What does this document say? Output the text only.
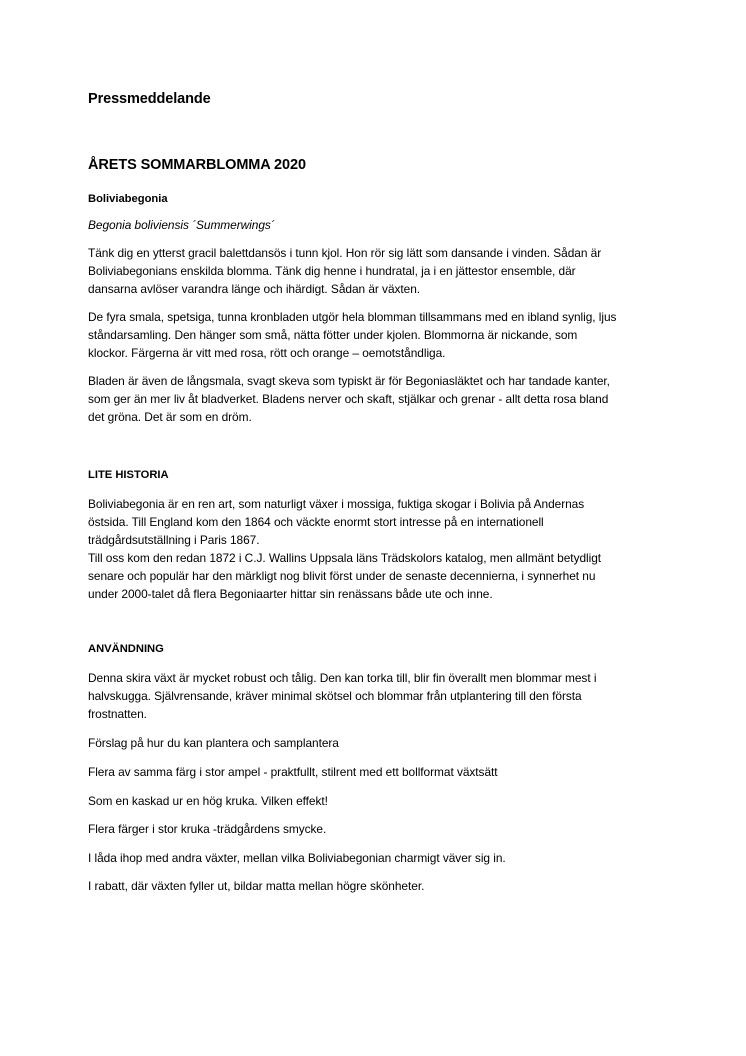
Pressmeddelande

ÅRETS SOMMARBLOMMA 2020

Boliviabegonia

Begonia boliviensis ´Summerwings´

Tänk dig en ytterst gracil balettdansös i tunn kjol. Hon rör sig lätt som dansande i vinden. Sådan är
Boliviabegonians enskilda blomma. Tänk dig henne i hundratal, ja i en jättestor ensemble, där
dansarna avlöser varandra länge och ihärdigt. Sådan är växten.

De fyra smala, spetsiga, tunna kronbladen utgör hela blomman tillsammans med en ibland synlig, ljus
ståndarsamling. Den hänger som små, nätta fötter under kjolen. Blommorna är nickande, som
klockor. Färgerna är vitt med rosa, rött och orange – oemotståndliga.

Bladen är även de långsmala, svagt skeva som typiskt är för Begoniasläktet och har tandade kanter,
som ger än mer liv åt bladverket. Bladens nerver och skaft, stjälkar och grenar - allt detta rosa bland
det gröna. Det är som en dröm.

LITE HISTORIA

Boliviabegonia är en ren art, som naturligt växer i mossiga, fuktiga skogar i Bolivia på Andernas
östsida. Till England kom den 1864 och väckte enormt stort intresse på en internationell
trädgårdsutställning i Paris 1867.
Till oss kom den redan 1872 i C.J. Wallins Uppsala läns Trädskolors katalog, men allmänt betydligt
senare och populär har den märkligt nog blivit först under de senaste decennierna, i synnerhet nu
under 2000-talet då flera Begoniaarter hittar sin renässans både ute och inne.

ANVÄNDNING

Denna skira växt är mycket robust och tålig. Den kan torka till, blir fin överallt men blommar mest i
halvskugga. Självrensande, kräver minimal skötsel och blommar från utplantering till den första
frostnatten.

Förslag på hur du kan plantera och samplantera

Flera av samma färg i stor ampel - praktfullt, stilrent med ett bollformat växtsätt

Som en kaskad ur en hög kruka. Vilken effekt!

Flera färger i stor kruka -trädgårdens smycke.

I låda ihop med andra växter, mellan vilka Boliviabegonian charmigt väver sig in.

I rabatt, där växten fyller ut, bildar matta mellan högre skönheter.
